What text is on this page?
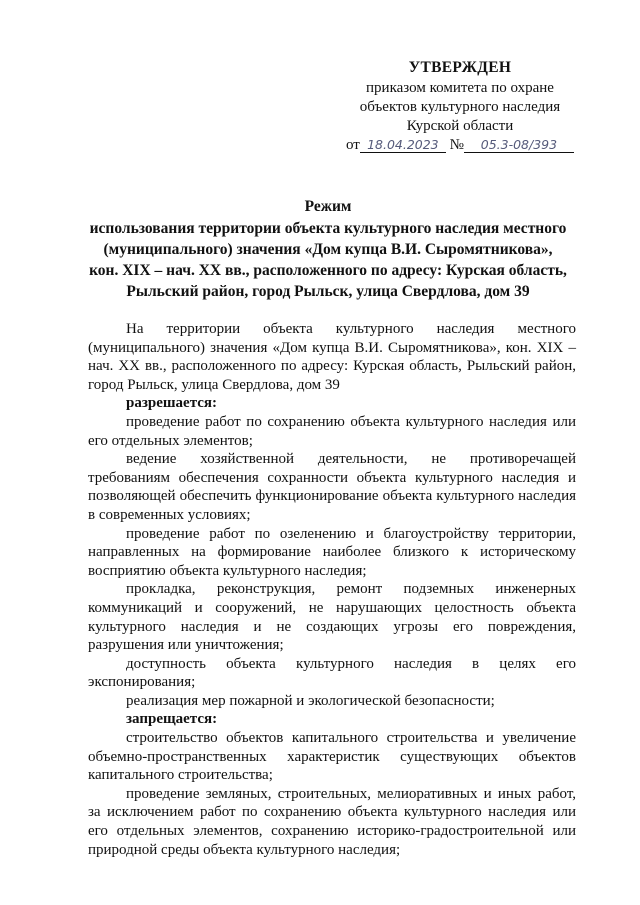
УТВЕРЖДЕН
приказом комитета по охране
объектов культурного наследия
Курской области
от 18.04.2023 № 05.3-08/393
Режим
использования территории объекта культурного наследия местного
(муниципального) значения «Дом купца В.И. Сыромятникова»,
кон. XIX – нач. XX вв., расположенного по адресу: Курская область,
Рыльский район, город Рыльск, улица Свердлова, дом 39

На территории объекта культурного наследия местного (муниципального) значения «Дом купца В.И. Сыромятникова», кон. XIX – нач. XX вв., расположенного по адресу: Курская область, Рыльский район, город Рыльск, улица Свердлова, дом 39

разрешается:

проведение работ по сохранению объекта культурного наследия или его отдельных элементов;

ведение хозяйственной деятельности, не противоречащей требованиям обеспечения сохранности объекта культурного наследия и позволяющей обеспечить функционирование объекта культурного наследия в современных условиях;

проведение работ по озеленению и благоустройству территории, направленных на формирование наиболее близкого к историческому восприятию объекта культурного наследия;

прокладка, реконструкция, ремонт подземных инженерных коммуникаций и сооружений, не нарушающих целостность объекта культурного наследия и не создающих угрозы его повреждения, разрушения или уничтожения;

доступность объекта культурного наследия в целях его экспонирования;

реализация мер пожарной и экологической безопасности;

запрещается:

строительство объектов капитального строительства и увеличение объемно-пространственных характеристик существующих объектов капитального строительства;

проведение земляных, строительных, мелиоративных и иных работ, за исключением работ по сохранению объекта культурного наследия или его отдельных элементов, сохранению историко-градостроительной или природной среды объекта культурного наследия;
